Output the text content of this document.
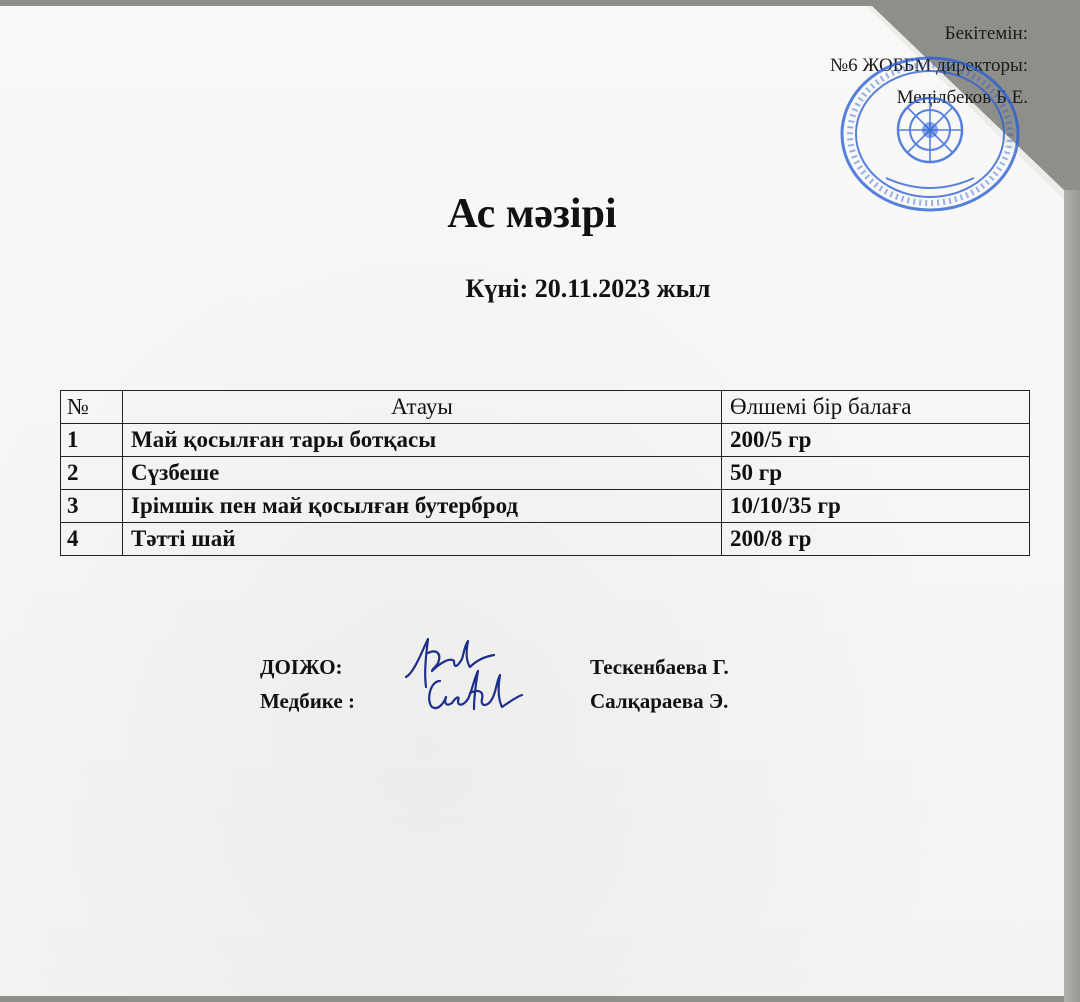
Бекітемін:
№6 ЖОББМ директоры:
Меңілбеков Б.Е.
Ас мәзірі
Күні: 20.11.2023 жыл
№	Атауы	Өлшемі бір балаға
1	Май қосылған тары ботқасы	200/5 гр
2	Сүзбеше	50 гр
3	Ірімшік пен май қосылған бутерброд	10/10/35 гр
4	Тәтті шай	200/8 гр
ДОІЖО:	Тескенбаева Г.
Медбике :	Салқараева Э.
